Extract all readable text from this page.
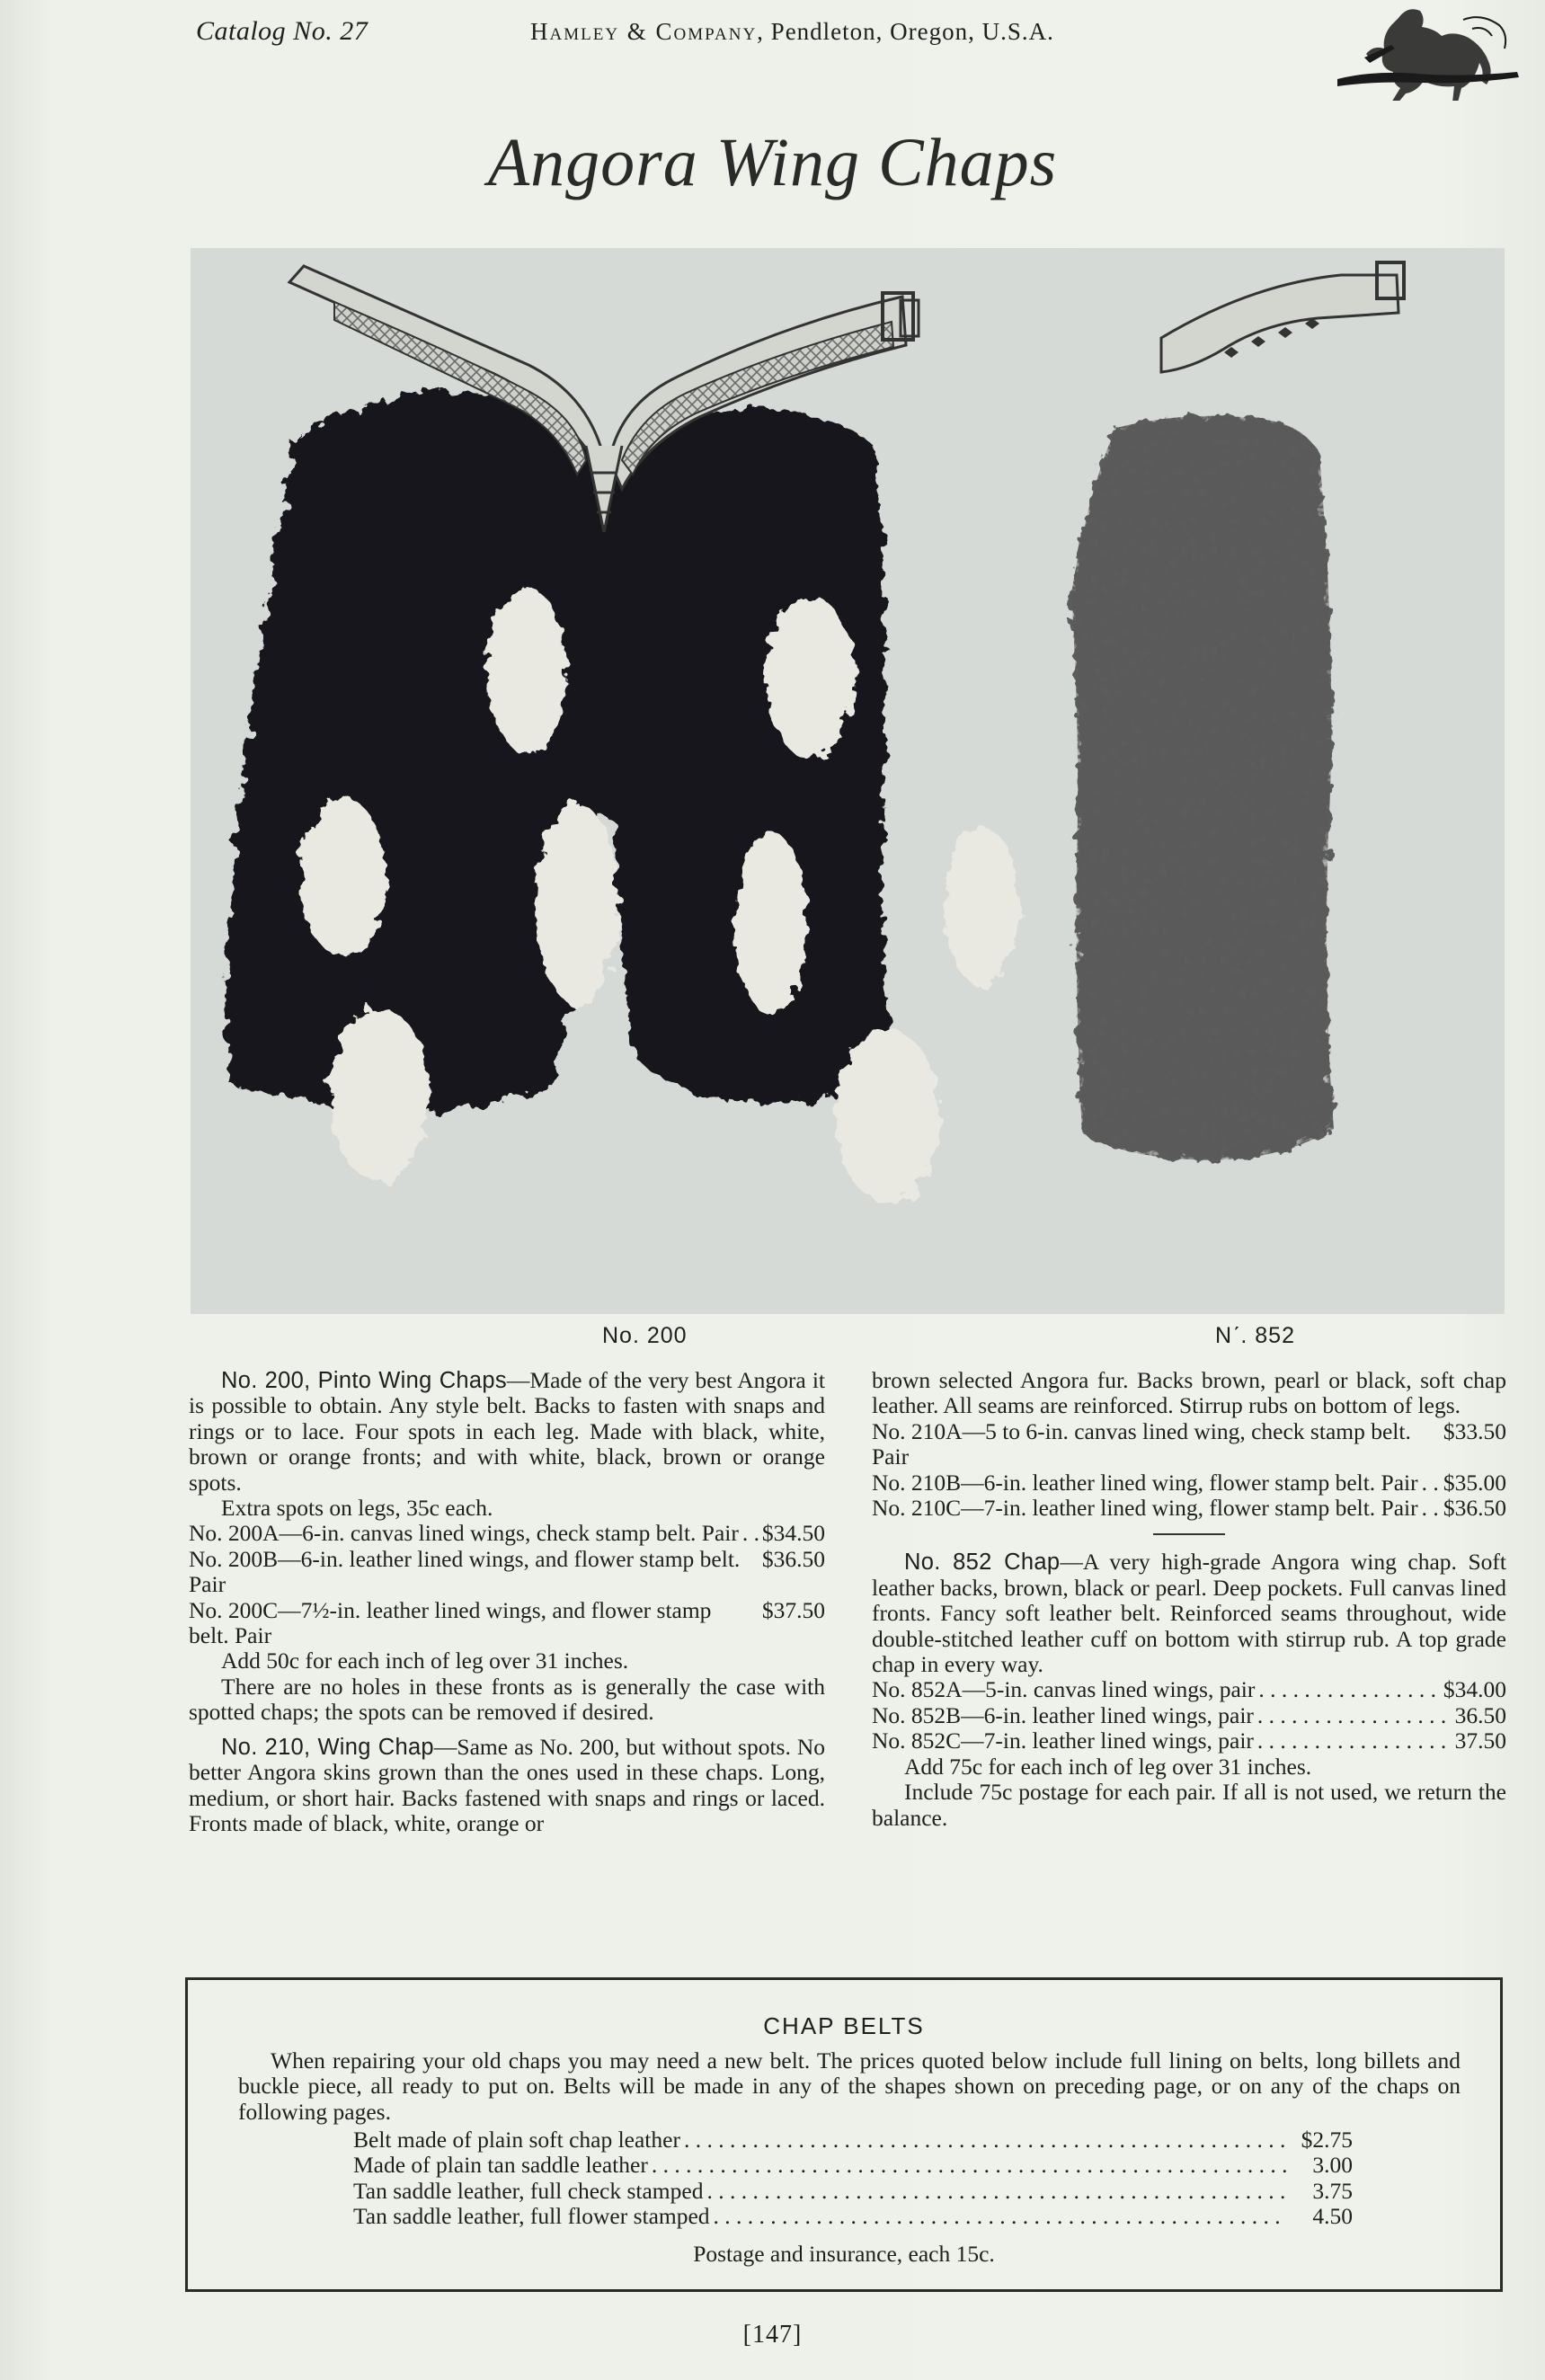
Catalog No. 27	Hamley & Company, Pendleton, Oregon, U.S.A.
Angora Wing Chaps
No. 200	Nʹ. 852

No. 200, Pinto Wing Chaps—Made of the very best Angora it is possible to obtain. Any style belt. Backs to fasten with snaps and rings or to lace. Four spots in each leg. Made with black, white, brown or orange fronts; and with white, black, brown or orange spots.

Extra spots on legs, 35c each.

No. 200A—6-in. canvas lined wings, check stamp belt. Pair . . . $34.50
No. 200B—6-in. leather lined wings, and flower stamp belt. Pair
$36.50
No. 200C—7½-in. leather lined wings, and flower stamp belt. Pair
$37.50

Add 50c for each inch of leg over 31 inches.

There are no holes in these fronts as is generally the case with spotted chaps; the spots can be removed if desired.

No. 210, Wing Chap—Same as No. 200, but without spots. No better Angora skins grown than the ones used in these chaps. Long, medium, or short hair. Backs fastened with snaps and rings or laced. Fronts made of black, white, orange or

brown selected Angora fur. Backs brown, pearl or black, soft chap leather. All seams are reinforced. Stirrup rubs on bottom of legs.

No. 210A—5 to 6-in. canvas lined wing, check stamp belt. Pair
$33.50
No. 210B—6-in. leather lined wing, flower stamp belt. Pair . . . $35.00
No. 210C—7-in. leather lined wing, flower stamp belt. Pair . . . $36.50

No. 852 Chap—A very high-grade Angora wing chap. Soft leather backs, brown, black or pearl. Deep pockets. Full canvas lined fronts. Fancy soft leather belt. Reinforced seams throughout, wide double-stitched leather cuff on bottom with stirrup rub. A top grade chap in every way.

No. 852A—5-in. canvas lined wings, pair . . .	$34.00
No. 852B—6-in. leather lined wings, pair . . .	36.50
No. 852C—7-in. leather lined wings, pair . . .	37.50

Add 75c for each inch of leg over 31 inches.

Include 75c postage for each pair. If all is not used, we return the balance.

CHAP BELTS
When repairing your old chaps you may need a new belt. The prices quoted below include full lining on belts, long billets and buckle piece, all ready to put on. Belts will be made in any of the shapes shown on preceding page, or on any of the chaps on following pages.
Belt made of plain soft chap leather . . .	$2.75
Made of plain tan saddle leather . . .	3.00
Tan saddle leather, full check stamped . . .	3.75
Tan saddle leather, full flower stamped . . .	4.50
Postage and insurance, each 15c.
[147]
